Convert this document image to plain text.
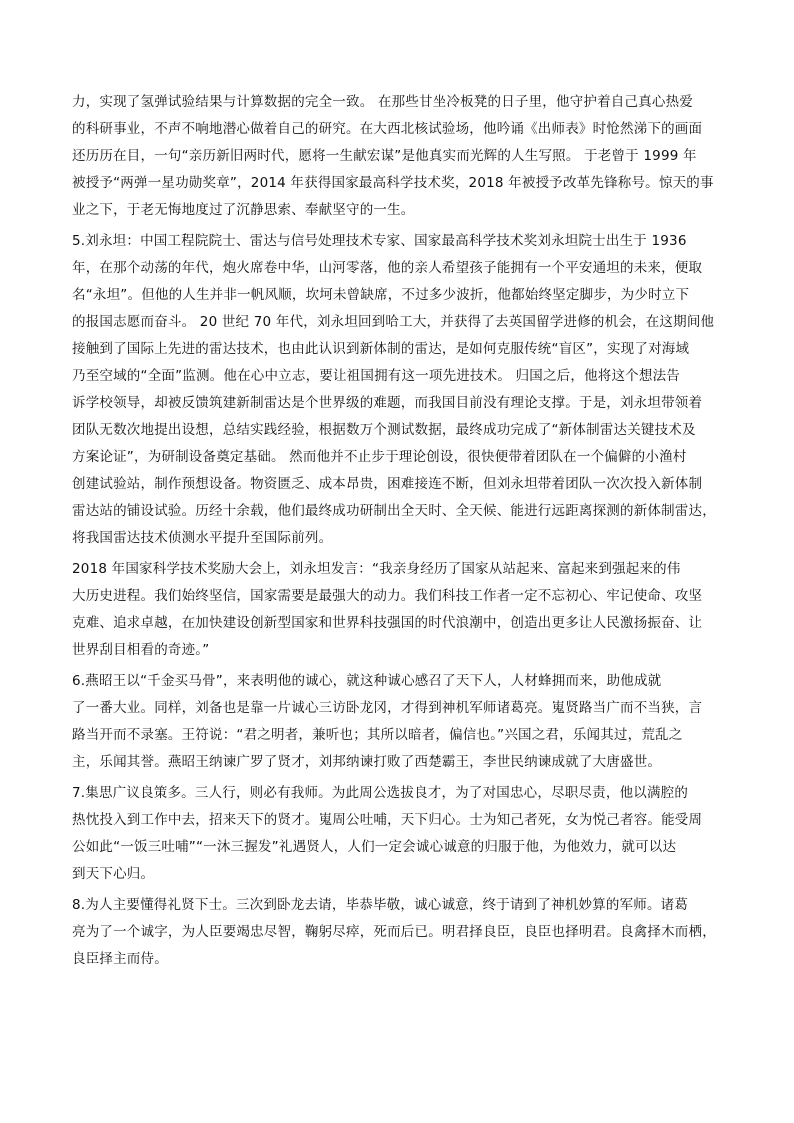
力，实现了氢弹试验结果与计算数据的完全一致。 在那些甘坐冷板凳的日子里，他守护着自己真心热爱
的科研事业，不声不响地潜心做着自己的研究。在大西北核试验场，他吟诵《出师表》时怆然涕下的画面
还历历在目，一句“亲历新旧两时代，愿将一生献宏谋”是他真实而光辉的人生写照。 于老曾于 1999 年
被授予“两弹一星功勋奖章”，2014 年获得国家最高科学技术奖，2018 年被授予改革先锋称号。惊天的事
业之下，于老无悔地度过了沉静思索、奉献坚守的一生。
5.刘永坦：中国工程院院士、雷达与信号处理技术专家、国家最高科学技术奖刘永坦院士出生于 1936
年，在那个动荡的年代，炮火席卷中华，山河零落，他的亲人希望孩子能拥有一个平安通坦的未来，便取
名“永坦”。但他的人生并非一帆风顺，坎坷未曾缺席，不过多少波折，他都始终坚定脚步，为少时立下
的报国志愿而奋斗。 20 世纪 70 年代，刘永坦回到哈工大，并获得了去英国留学进修的机会，在这期间他
接触到了国际上先进的雷达技术，也由此认识到新体制的雷达，是如何克服传统“盲区”，实现了对海域
乃至空域的“全面”监测。他在心中立志，要让祖国拥有这一项先进技术。 归国之后，他将这个想法告
诉学校领导，却被反馈筑建新制雷达是个世界级的难题，而我国目前没有理论支撑。于是，刘永坦带领着
团队无数次地提出设想，总结实践经验，根据数万个测试数据，最终成功完成了“新体制雷达关键技术及
方案论证”，为研制设备奠定基础。 然而他并不止步于理论创设，很快便带着团队在一个偏僻的小渔村
创建试验站，制作预想设备。物资匮乏、成本昂贵，困难接连不断，但刘永坦带着团队一次次投入新体制
雷达站的铺设试验。历经十余载，他们最终成功研制出全天时、全天候、能进行远距离探测的新体制雷达，
将我国雷达技术侦测水平提升至国际前列。
2018 年国家科学技术奖励大会上，刘永坦发言：“我亲身经历了国家从站起来、富起来到强起来的伟
大历史进程。我们始终坚信，国家需要是最强大的动力。我们科技工作者一定不忘初心、牢记使命、攻坚
克难、追求卓越，在加快建设创新型国家和世界科技强国的时代浪潮中，创造出更多让人民激扬振奋、让
世界刮目相看的奇迹。”
6.燕昭王以“千金买马骨”，来表明他的诚心，就这种诚心感召了天下人，人材蜂拥而来，助他成就
了一番大业。同样，刘备也是靠一片诚心三访卧龙冈，才得到神机军师诸葛亮。嵬贤路当广而不当狭，言
路当开而不录塞。王符说：“君之明者，兼听也；其所以暗者，偏信也。”兴国之君，乐闻其过，荒乱之
主，乐闻其誉。燕昭王纳谏广罗了贤才，刘邦纳谏打败了西楚霸王，李世民纳谏成就了大唐盛世。
7.集思广议良策多。三人行，则必有我师。为此周公选拔良才，为了对国忠心，尽职尽责，他以满腔的
热忱投入到工作中去，招来天下的贤才。嵬周公吐哺，天下归心。士为知己者死，女为悦己者容。能受周
公如此“一饭三吐哺”“一沐三握发”礼遇贤人，人们一定会诚心诚意的归服于他，为他效力，就可以达
到天下心归。
8.为人主要懂得礼贤下士。三次到卧龙去请，毕恭毕敬，诚心诚意，终于请到了神机妙算的军师。诸葛
亮为了一个诚字，为人臣要竭忠尽智，鞠躬尽瘁，死而后已。明君择良臣，良臣也择明君。良禽择木而栖，
良臣择主而侍。
